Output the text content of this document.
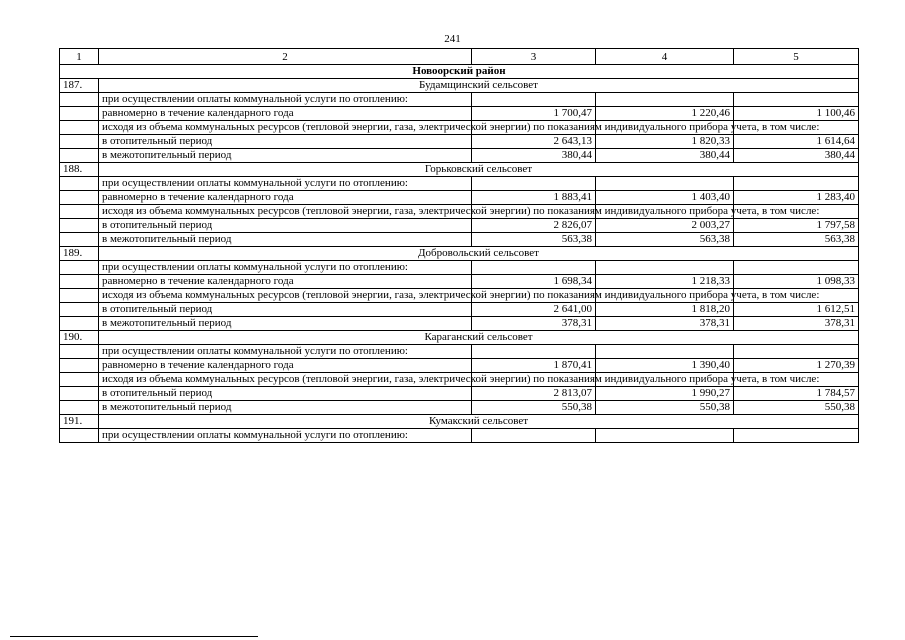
241
1	2	3	4	5
Новоорский район				
187.	Будамщинский сельсовет			
	при осуществлении оплаты коммунальной услуги по отоплению:			
	равномерно в течение календарного года	1 700,47	1 220,46	1 100,46
	исходя из объема коммунальных ресурсов (тепловой энергии, газа, электрической энергии) по показаниям индивидуального прибора учета, в том числе:			
	в отопительный период	2 643,13	1 820,33	1 614,64
	в межотопительный период	380,44	380,44	380,44
188.	Горьковский сельсовет			
	при осуществлении оплаты коммунальной услуги по отоплению:			
	равномерно в течение календарного года	1 883,41	1 403,40	1 283,40
	исходя из объема коммунальных ресурсов (тепловой энергии, газа, электрической энергии) по показаниям индивидуального прибора учета, в том числе:			
	в отопительный период	2 826,07	2 003,27	1 797,58
	в межотопительный период	563,38	563,38	563,38
189.	Добровольский сельсовет			
	при осуществлении оплаты коммунальной услуги по отоплению:			
	равномерно в течение календарного года	1 698,34	1 218,33	1 098,33
	исходя из объема коммунальных ресурсов (тепловой энергии, газа, электрической энергии) по показаниям индивидуального прибора учета, в том числе:			
	в отопительный период	2 641,00	1 818,20	1 612,51
	в межотопительный период	378,31	378,31	378,31
190.	Караганский сельсовет			
	при осуществлении оплаты коммунальной услуги по отоплению:			
	равномерно в течение календарного года	1 870,41	1 390,40	1 270,39
	исходя из объема коммунальных ресурсов (тепловой энергии, газа, электрической энергии) по показаниям индивидуального прибора учета, в том числе:			
	в отопительный период	2 813,07	1 990,27	1 784,57
	в межотопительный период	550,38	550,38	550,38
191.	Кумакский сельсовет			
	при осуществлении оплаты коммунальной услуги по отоплению:			
